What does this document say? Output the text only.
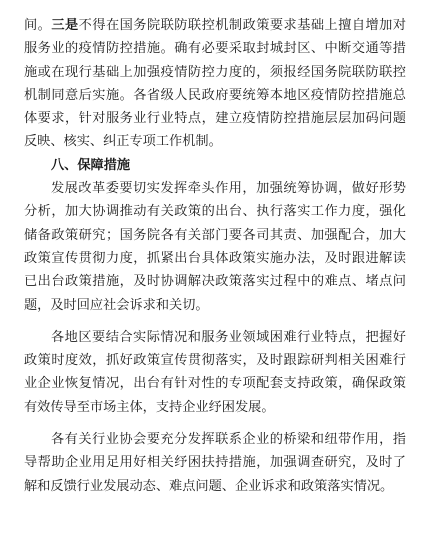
间。三是不得在国务院联防联控机制政策要求基础上擅自增加对
服务业的疫情防控措施。确有必要采取封城封区、中断交通等措
施或在现行基础上加强疫情防控力度的，须报经国务院联防联控
机制同意后实施。各省级人民政府要统筹本地区疫情防控措施总
体要求，针对服务业行业特点，建立疫情防控措施层层加码问题
反映、核实、纠正专项工作机制。
八、保障措施
发展改革委要切实发挥牵头作用，加强统筹协调，做好形势
分析，加大协调推动有关政策的出台、执行落实工作力度，强化
储备政策研究；国务院各有关部门要各司其责、加强配合，加大
政策宣传贯彻力度，抓紧出台具体政策实施办法，及时跟进解读
已出台政策措施，及时协调解决政策落实过程中的难点、堵点问
题，及时回应社会诉求和关切。
各地区要结合实际情况和服务业领域困难行业特点，把握好
政策时度效，抓好政策宣传贯彻落实，及时跟踪研判相关困难行
业企业恢复情况，出台有针对性的专项配套支持政策，确保政策
有效传导至市场主体，支持企业纾困发展。
各有关行业协会要充分发挥联系企业的桥梁和纽带作用，指
导帮助企业用足用好相关纾困扶持措施，加强调查研究，及时了
解和反馈行业发展动态、难点问题、企业诉求和政策落实情况。
